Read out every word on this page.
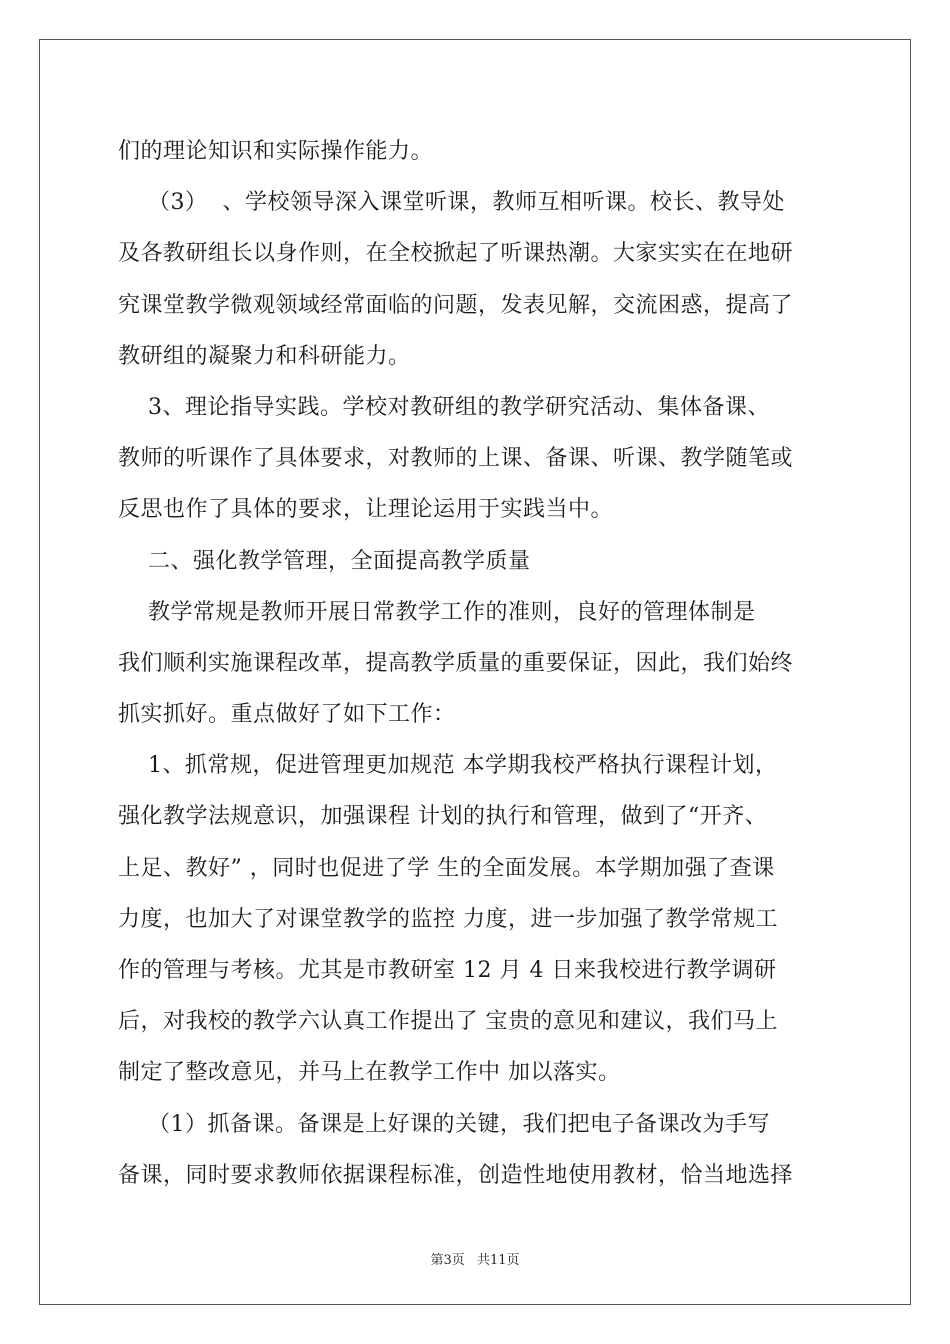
们的理论知识和实际操作能力。
（3）  、学校领导深入课堂听课，教师互相听课。校长、教导处
及各教研组长以身作则，在全校掀起了听课热潮。大家实实在在地研
究课堂教学微观领域经常面临的问题，发表见解，交流困惑，提高了
教研组的凝聚力和科研能力。
3、理论指导实践。学校对教研组的教学研究活动、集体备课、
教师的听课作了具体要求，对教师的上课、备课、听课、教学随笔或
反思也作了具体的要求，让理论运用于实践当中。
二、强化教学管理，全面提高教学质量
教学常规是教师开展日常教学工作的准则，良好的管理体制是
我们顺利实施课程改革，提高教学质量的重要保证，因此，我们始终
抓实抓好。重点做好了如下工作：
1、抓常规，促进管理更加规范 本学期我校严格执行课程计划，
强化教学法规意识，加强课程 计划的执行和管理，做到了“开齐、
上足、教好” ，同时也促进了学 生的全面发展。本学期加强了查课
力度，也加大了对课堂教学的监控 力度，进一步加强了教学常规工
作的管理与考核。尤其是市教研室 12 月 4 日来我校进行教学调研
后，对我校的教学六认真工作提出了 宝贵的意见和建议，我们马上
制定了整改意见，并马上在教学工作中 加以落实。
（1）抓备课。备课是上好课的关键，我们把电子备课改为手写
备课，同时要求教师依据课程标准，创造性地使用教材，恰当地选择
第3页 共11页
